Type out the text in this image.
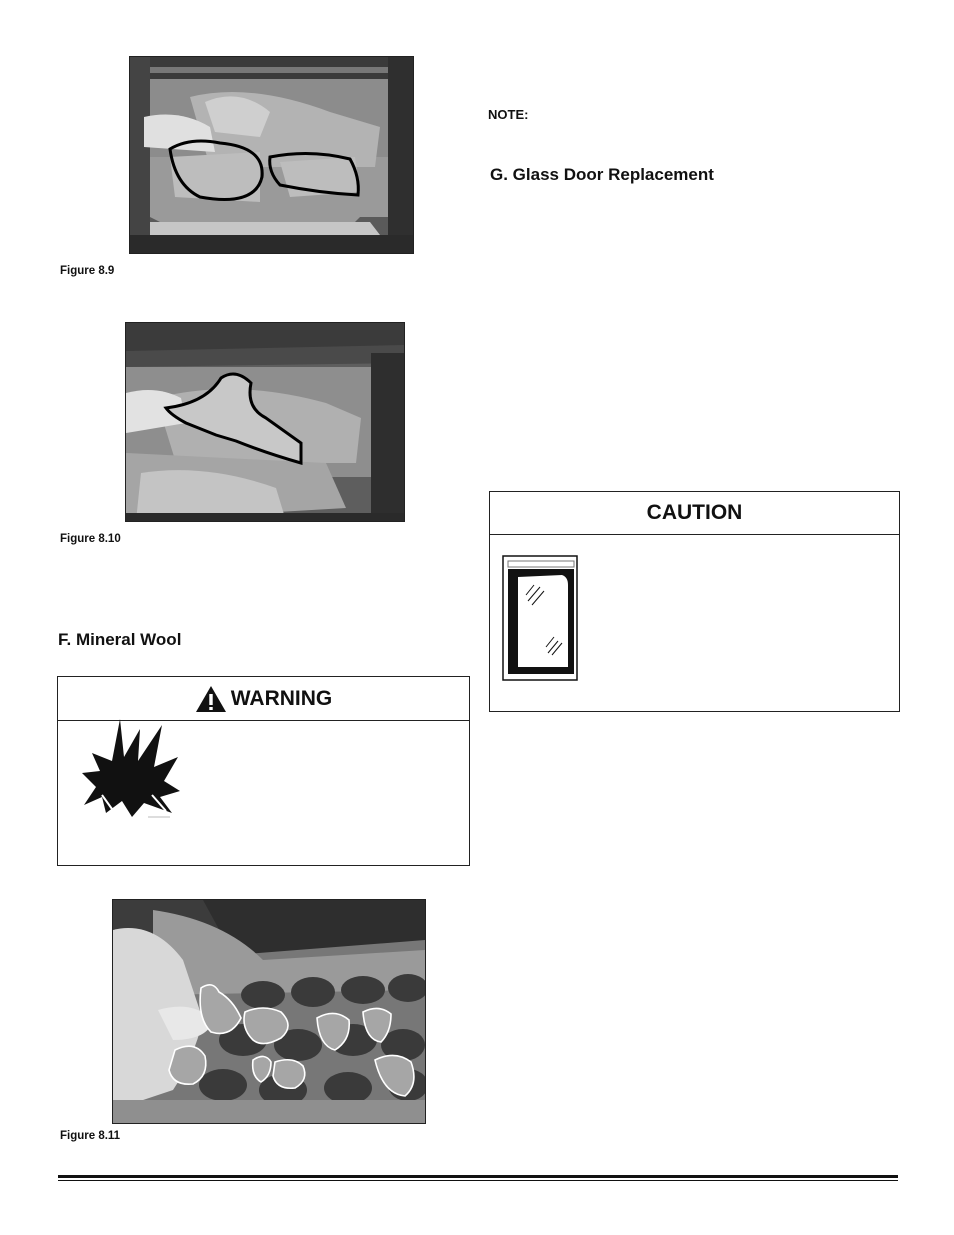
Figure 8.9
Figure 8.10
F. Mineral Wool
WARNING
Figure 8.11
NOTE:
G. Glass Door Replacement
CAUTION
